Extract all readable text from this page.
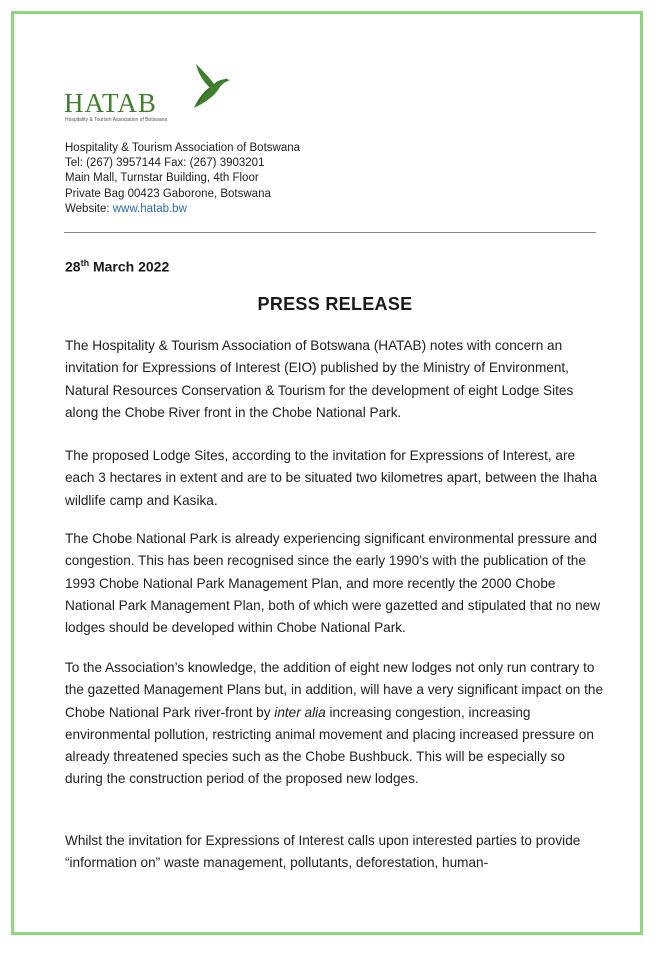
HATAB
Hospitality & Tourism Association of Botswana
Hospitality & Tourism Association of Botswana
Tel: (267) 3957144 Fax: (267) 3903201
Main Mall, Turnstar Building, 4th Floor
Private Bag 00423 Gaborone, Botswana
Website: www.hatab.bw
28th March 2022
PRESS RELEASE
The Hospitality & Tourism Association of Botswana (HATAB) notes with concern an invitation for Expressions of Interest (EIO) published by the Ministry of Environment, Natural Resources Conservation & Tourism for the development of eight Lodge Sites along the Chobe River front in the Chobe National Park.
The proposed Lodge Sites, according to the invitation for Expressions of Interest, are each 3 hectares in extent and are to be situated two kilometres apart, between the Ihaha wildlife camp and Kasika.
The Chobe National Park is already experiencing significant environmental pressure and congestion. This has been recognised since the early 1990’s with the publication of the 1993 Chobe National Park Management Plan, and more recently the 2000 Chobe National Park Management Plan, both of which were gazetted and stipulated that no new lodges should be developed within Chobe National Park.
To the Association’s knowledge, the addition of eight new lodges not only run contrary to the gazetted Management Plans but, in addition, will have a very significant impact on the Chobe National Park river-front by inter alia increasing congestion, increasing environmental pollution, restricting animal movement and placing increased pressure on already threatened species such as the Chobe Bushbuck. This will be especially so during the construction period of the proposed new lodges.
Whilst the invitation for Expressions of Interest calls upon interested parties to provide “information on” waste management, pollutants, deforestation, human-
